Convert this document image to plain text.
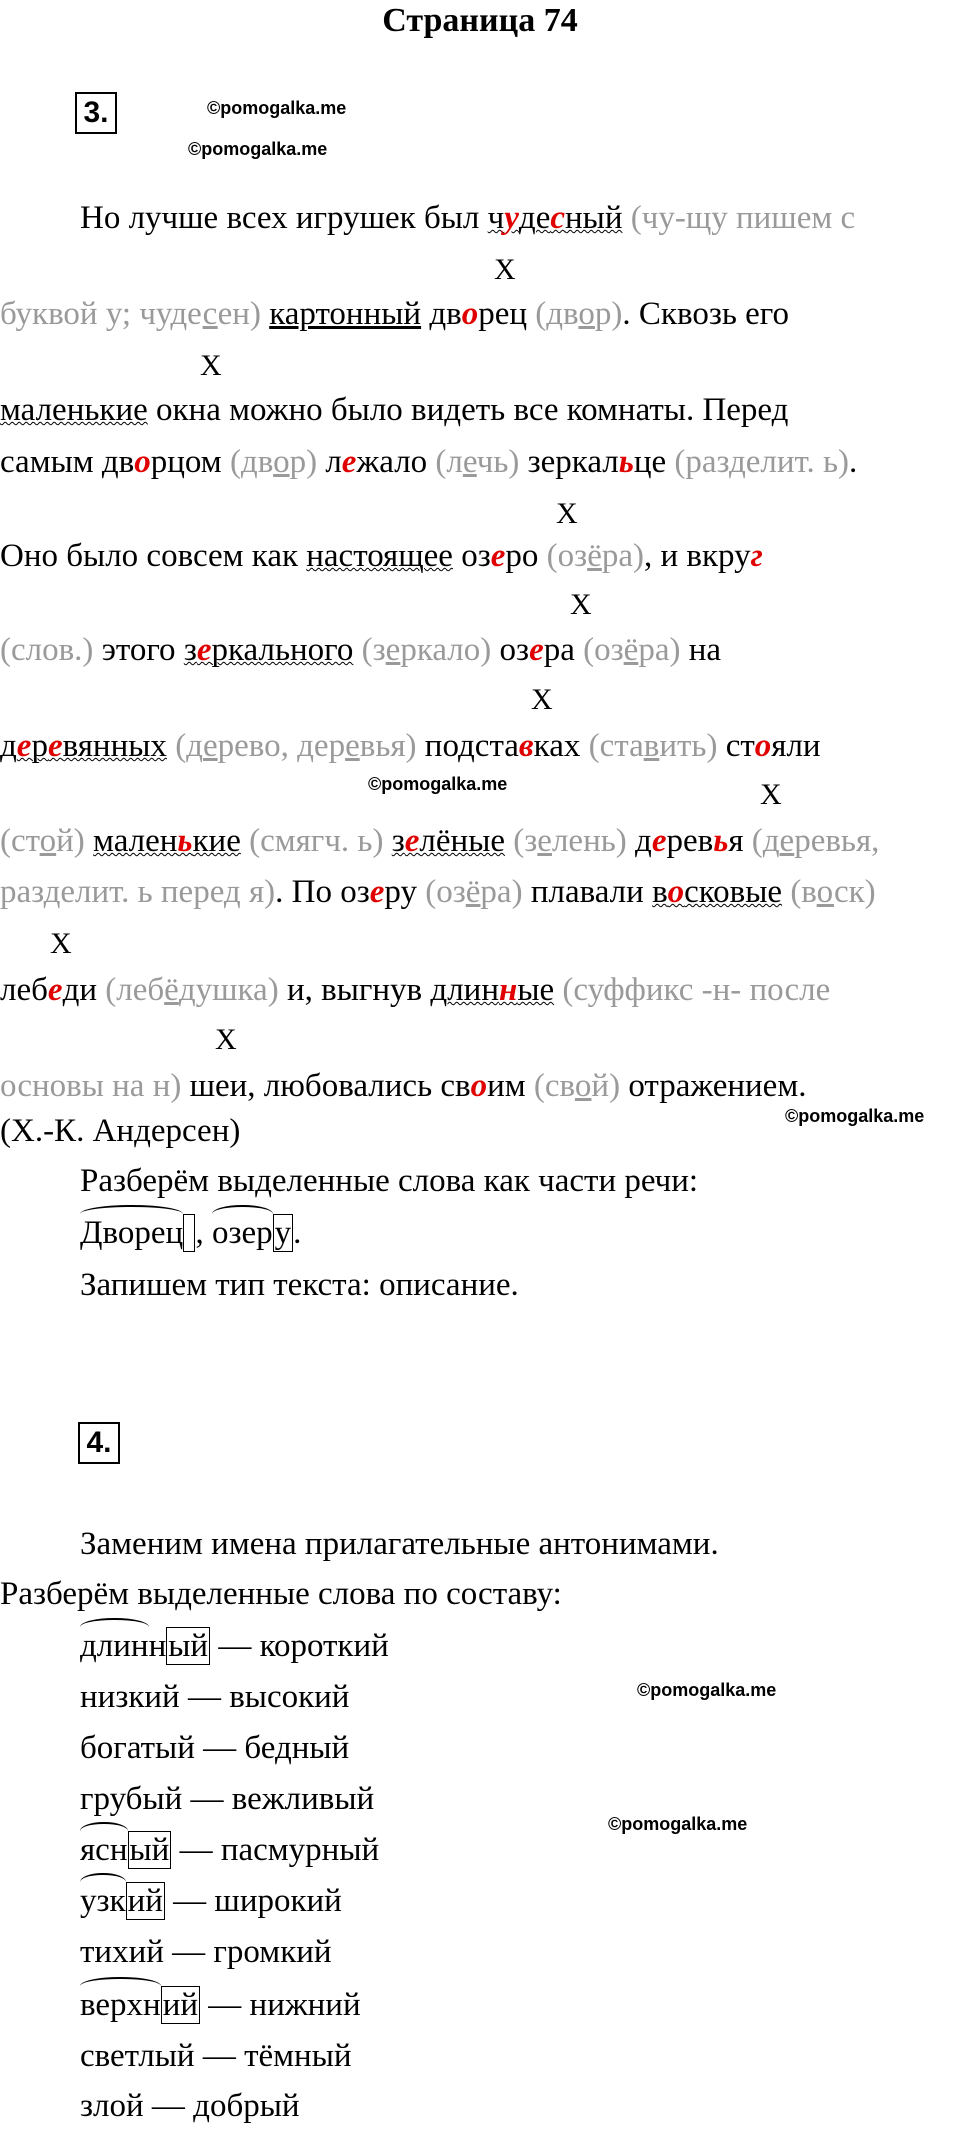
Страница 74
3.	©pomogalka.me
©pomogalka.me
Но лучше всех игрушек был чудесный (чу-щу пишем с
X
буквой у; чудесен) картонный дворец (двор). Сквозь его
X
маленькие окна можно было видеть все комнаты. Перед
самым дворцом (двор) лежало (лечь) зеркальце (разделит. ь).
X
Оно было совсем как настоящее озеро (озёра), и вкруг
X
(слов.) этого зеркального (зеркало) озера (озёра) на
X
деревянных (дерево, деревья) подставках (ставить) стояли
©pomogalka.me	X
(стой) маленькие (смягч. ь) зелёные (зелень) деревья (деревья,
разделит. ь перед я). По озеру (озёра) плавали восковые (воск)
X
лебеди (лебёдушка) и, выгнув длинные (суффикс -н- после
X
основы на н) шеи, любовались своим (свой) отражением.
©pomogalka.me
(Х.-К. Андерсен)
Разберём выделенные слова как части речи:
Дворец , озеру.
Запишем тип текста: описание.
4.
Заменим имена прилагательные антонимами.
Разберём выделенные слова по составу:
длинный — короткий
©pomogalka.me
низкий — высокий
богатый — бедный
грубый — вежливый
©pomogalka.me
ясный — пасмурный
узкий — широкий
тихий — громкий
верхний — нижний
светлый — тёмный
злой — добрый
